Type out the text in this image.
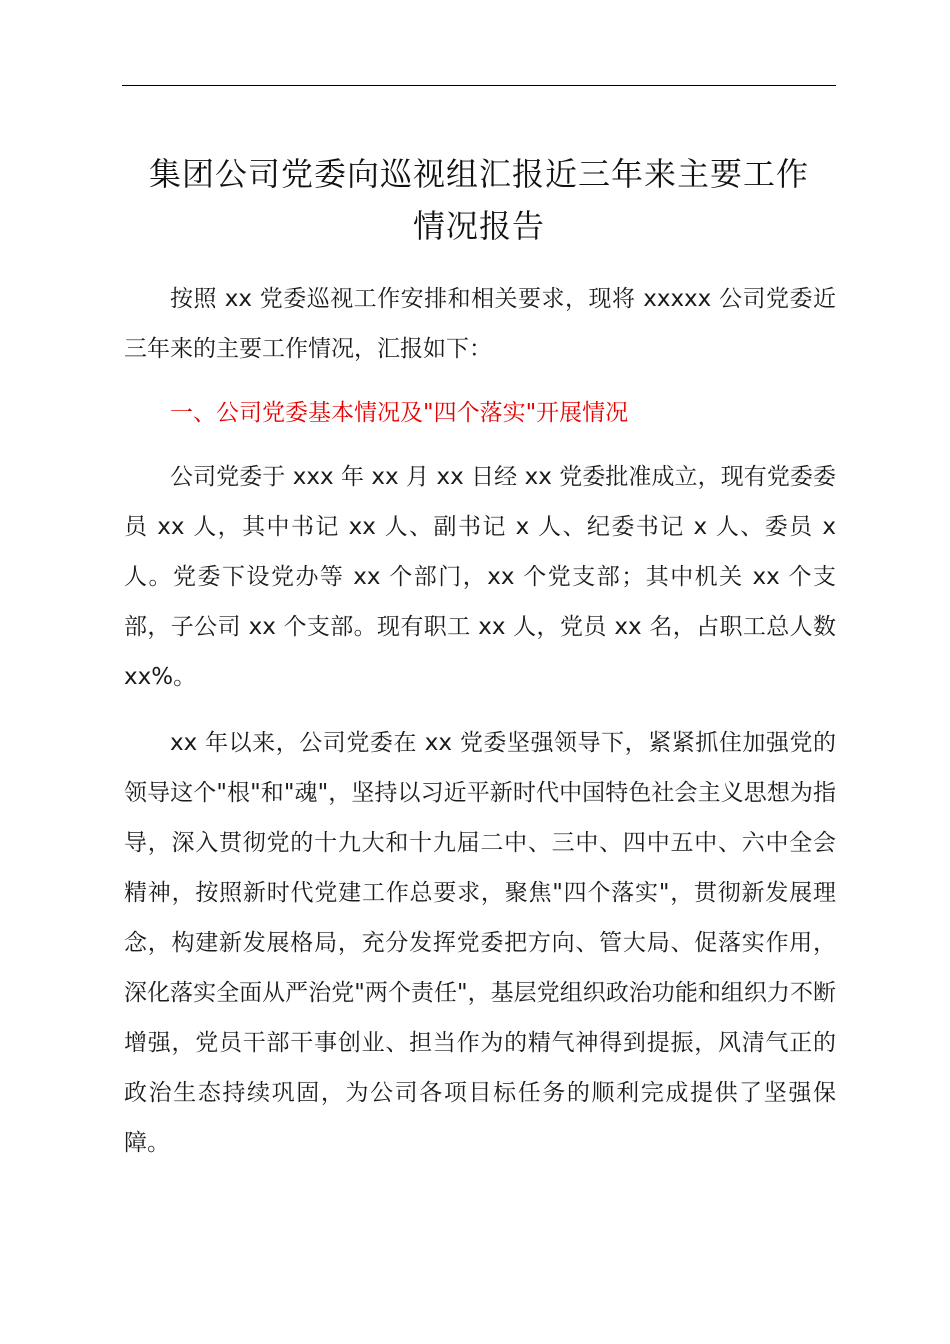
集团公司党委向巡视组汇报近三年来主要工作
情况报告

按照 xx 党委巡视工作安排和相关要求，现将 xxxxx 公司党委近三年来的主要工作情况，汇报如下：

一、公司党委基本情况及"四个落实"开展情况

公司党委于 xxx 年 xx 月 xx 日经 xx 党委批准成立，现有党委委员 xx 人，其中书记 xx 人、副书记 x 人、纪委书记 x 人、委员 x 人。党委下设党办等 xx 个部门，xx 个党支部；其中机关 xx 个支部，子公司 xx 个支部。现有职工 xx 人，党员 xx 名，占职工总人数 xx%。

xx 年以来，公司党委在 xx 党委坚强领导下，紧紧抓住加强党的领导这个"根"和"魂"，坚持以习近平新时代中国特色社会主义思想为指导，深入贯彻党的十九大和十九届二中、三中、四中五中、六中全会精神，按照新时代党建工作总要求，聚焦"四个落实"，贯彻新发展理念，构建新发展格局，充分发挥党委把方向、管大局、促落实作用，深化落实全面从严治党"两个责任"，基层党组织政治功能和组织力不断增强，党员干部干事创业、担当作为的精气神得到提振，风清气正的政治生态持续巩固，为公司各项目标任务的顺利完成提供了坚强保障。
